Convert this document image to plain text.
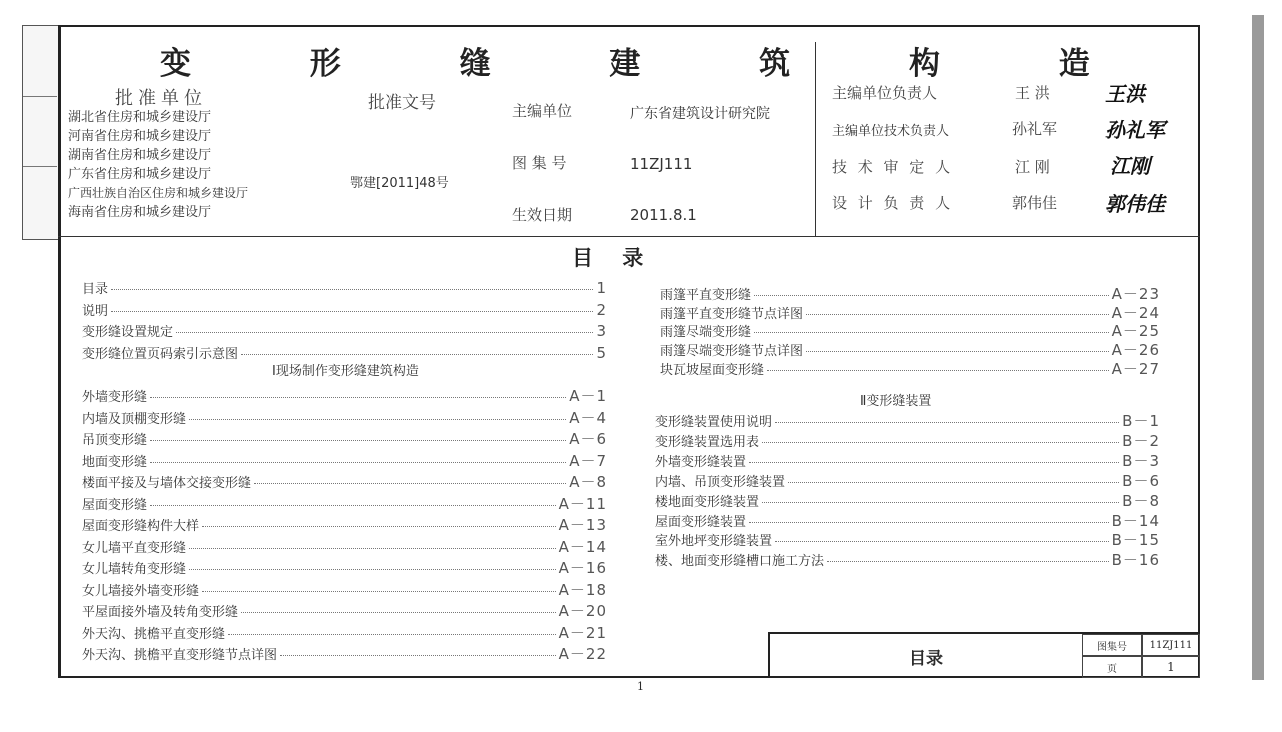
变 形 缝 建 筑 构 造
批准单位
湖北省住房和城乡建设厅
河南省住房和城乡建设厅
湖南省住房和城乡建设厅
广东省住房和城乡建设厅
广西壮族自治区住房和城乡建设厅
海南省住房和城乡建设厅
批准文号
鄂建[2011]48号
主编单位	广东省建筑设计研究院
图 集 号	11ZJ111
生效日期	2011.8.1
主编单位负责人	王 洪	王洪
主编单位技术负责人	孙礼军 孙礼军
技 术 审 定 人	江 刚	江刚
设 计 负 责 人	郭伟佳 郭伟佳
目    录
目录	1
说明	2
变形缝设置规定	3
变形缝位置页码索引示意图	5
外墙变形缝	A－1
内墙及顶棚变形缝	A－4
吊顶变形缝	A－6
地面变形缝	A－7
楼面平接及与墙体交接变形缝	A－8
屋面变形缝	A－11
屋面变形缝构件大样	A－13
女儿墙平直变形缝	A－14
女儿墙转角变形缝	A－16
女儿墙接外墙变形缝	A－18
平屋面接外墙及转角变形缝	A－20
外天沟、挑檐平直变形缝	A－21
外天沟、挑檐平直变形缝节点详图	A－22
雨篷平直变形缝	A－23
雨篷平直变形缝节点详图	A－24
雨篷尽端变形缝	A－25
雨篷尽端变形缝节点详图	A－26
块瓦坡屋面变形缝	A－27
变形缝装置使用说明	B－1
变形缝装置选用表	B－2
外墙变形缝装置	B－3
内墙、吊顶变形缝装置	B－6
楼地面变形缝装置	B－8
屋面变形缝装置	B－14
室外地坪变形缝装置	B－15
楼、地面变形缝槽口施工方法	B－16
Ⅰ现场制作变形缝建筑构造
Ⅱ变形缝装置
目录
图集号	11ZJ111
页	1
1
